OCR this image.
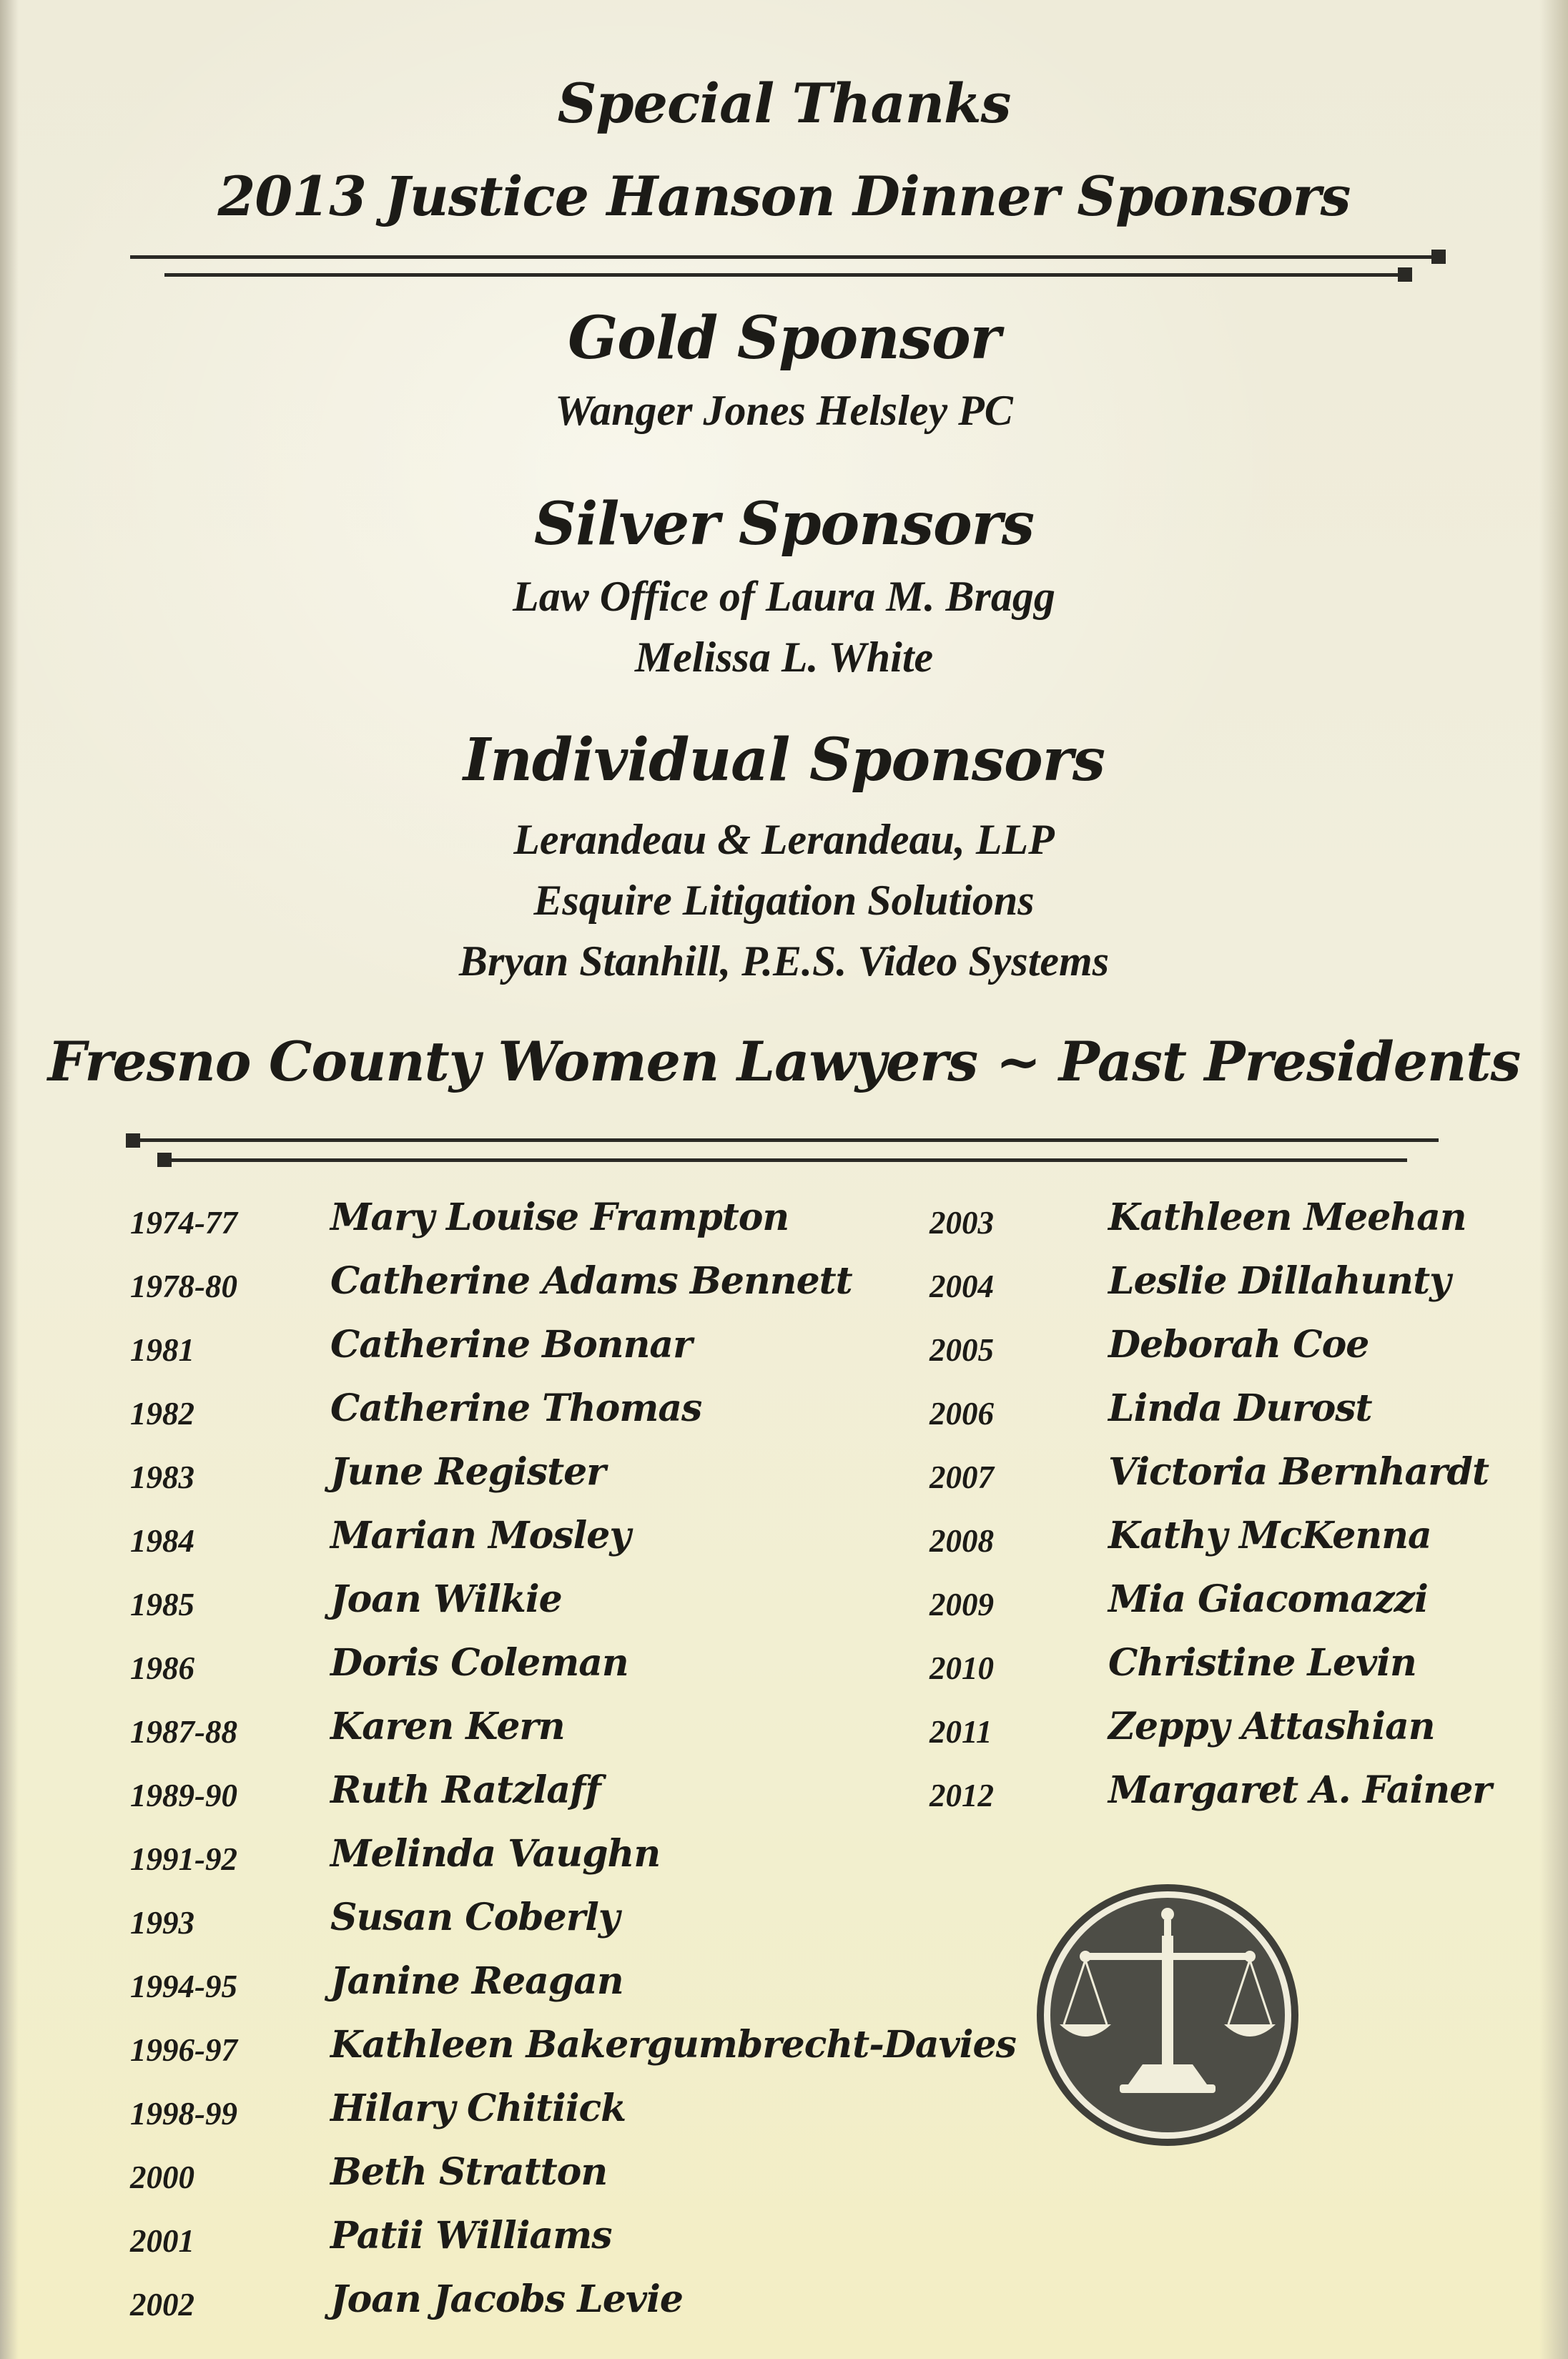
Special Thanks
2013 Justice Hanson Dinner Sponsors
Gold Sponsor
Wanger Jones Helsley PC
Silver Sponsors
Law Office of Laura M. Bragg
Melissa L. White
Individual Sponsors
Lerandeau & Lerandeau, LLP
Esquire Litigation Solutions
Bryan Stanhill, P.E.S. Video Systems
Fresno County Women Lawyers ~ Past Presidents
1974-77	Mary Louise Frampton
1978-80	Catherine Adams Bennett
1981	Catherine Bonnar
1982	Catherine Thomas
1983	June Register
1984	Marian Mosley
1985	Joan Wilkie
1986	Doris Coleman
1987-88	Karen Kern
1989-90	Ruth Ratzlaff
1991-92	Melinda Vaughn
1993	Susan Coberly
1994-95	Janine Reagan
1996-97	Kathleen Bakergumbrecht-Davies
1998-99	Hilary Chitiick
2000	Beth Stratton
2001	Patii Williams
2002	Joan Jacobs Levie
2003	Kathleen Meehan
2004	Leslie Dillahunty
2005	Deborah Coe
2006	Linda Durost
2007	Victoria Bernhardt
2008	Kathy McKenna
2009	Mia Giacomazzi
2010	Christine Levin
2011	Zeppy Attashian
2012	Margaret A. Fainer
